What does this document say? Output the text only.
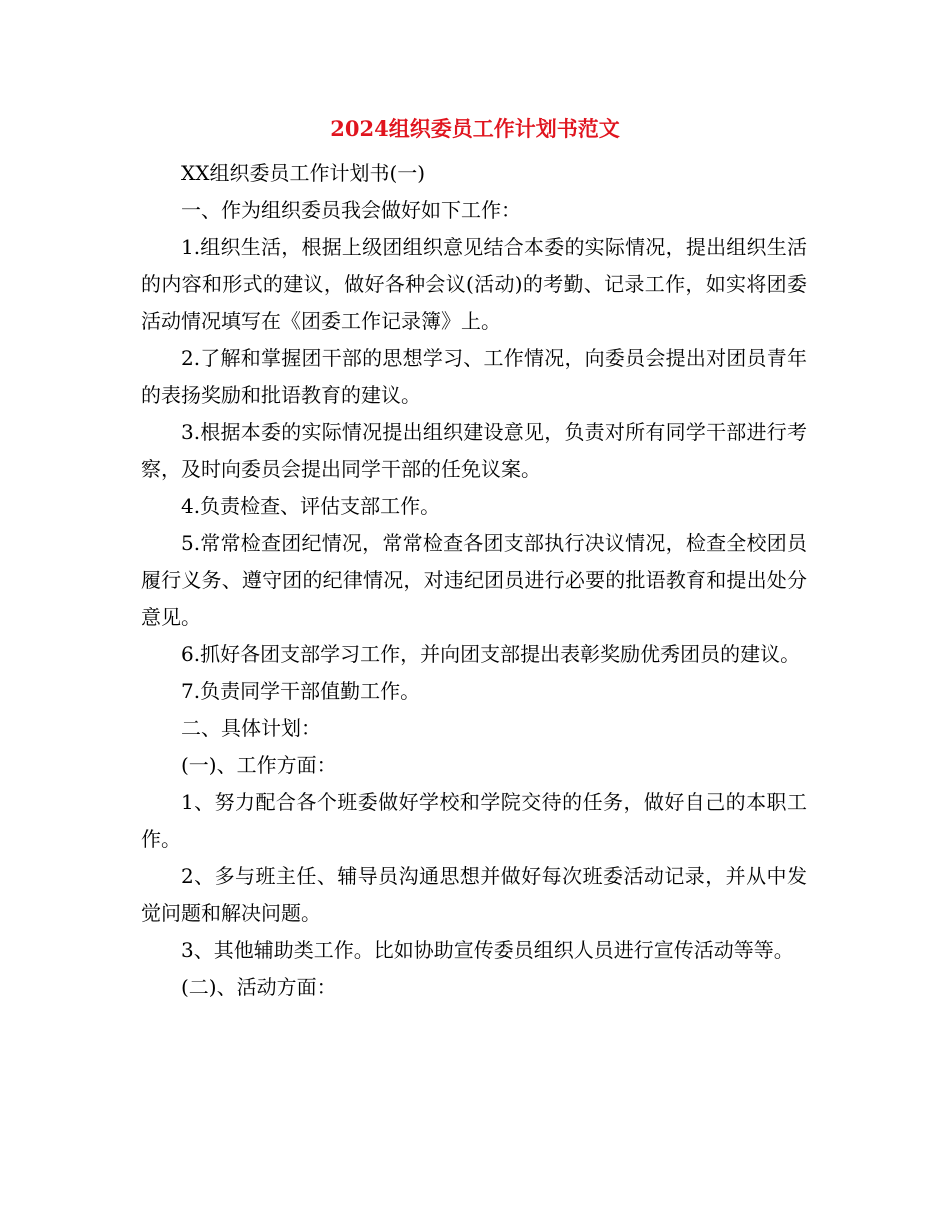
2024组织委员工作计划书范文

XX组织委员工作计划书(一)

一、作为组织委员我会做好如下工作：

1.组织生活，根据上级团组织意见结合本委的实际情况，提出组织生活的内容和形式的建议，做好各种会议(活动)的考勤、记录工作，如实将团委活动情况填写在《团委工作记录簿》上。

2.了解和掌握团干部的思想学习、工作情况，向委员会提出对团员青年的表扬奖励和批语教育的建议。

3.根据本委的实际情况提出组织建设意见，负责对所有同学干部进行考察，及时向委员会提出同学干部的任免议案。

4.负责检查、评估支部工作。

5.常常检查团纪情况，常常检查各团支部执行决议情况，检查全校团员履行义务、遵守团的纪律情况，对违纪团员进行必要的批语教育和提出处分意见。

6.抓好各团支部学习工作，并向团支部提出表彰奖励优秀团员的建议。

7.负责同学干部值勤工作。

二、具体计划：

(一)、工作方面：

1、努力配合各个班委做好学校和学院交待的任务，做好自己的本职工作。

2、多与班主任、辅导员沟通思想并做好每次班委活动记录，并从中发觉问题和解决问题。

3、其他辅助类工作。比如协助宣传委员组织人员进行宣传活动等等。

(二)、活动方面：
